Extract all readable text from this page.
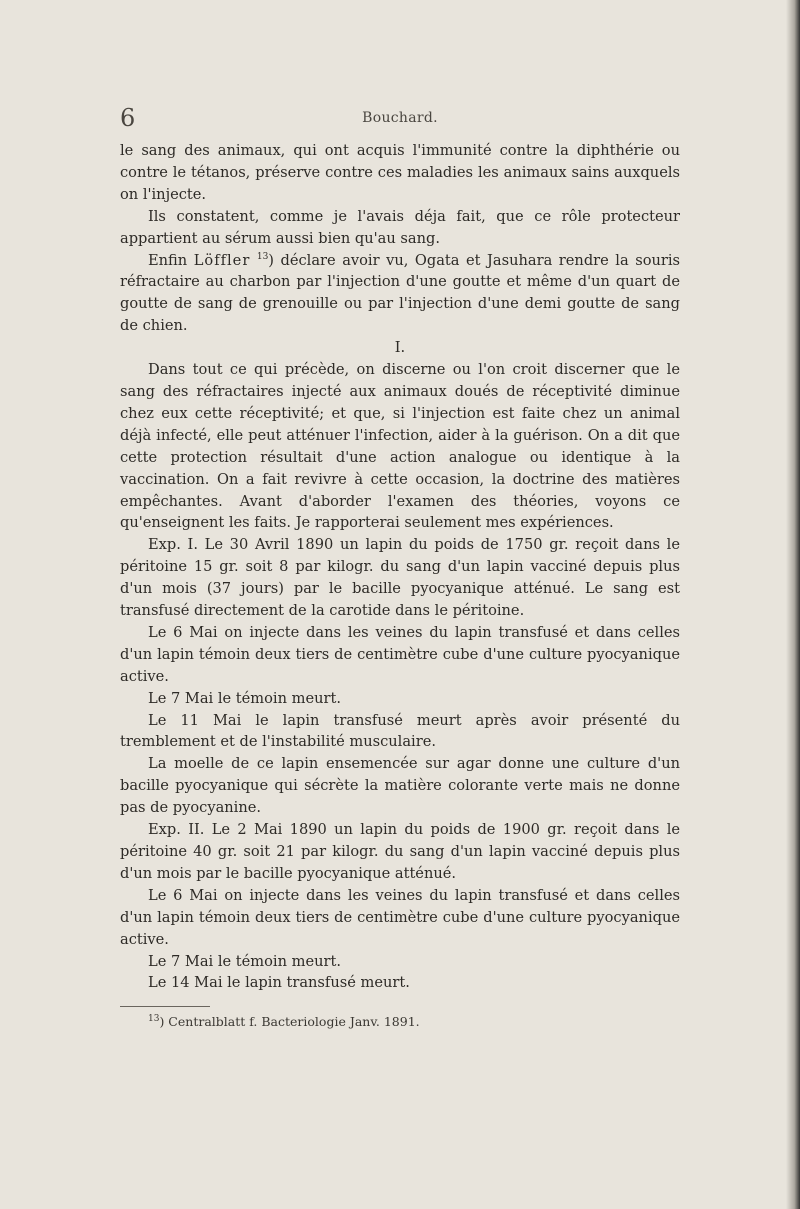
6	Bouchard.

le sang des animaux, qui ont acquis l'immunité contre la diphthérie ou contre le tétanos, préserve contre ces maladies les animaux sains auxquels on l'injecte.

Ils constatent, comme je l'avais déja fait, que ce rôle protecteur appartient au sérum aussi bien qu'au sang.

Enfin Löffler $^{13}$) déclare avoir vu, Ogata et Jasuhara rendre la souris réfractaire au charbon par l'injection d'une goutte et même d'un quart de goutte de sang de grenouille ou par l'injection d'une demi goutte de sang de chien.

I.

Dans tout ce qui précède, on discerne ou l'on croit discerner que le sang des réfractaires injecté aux animaux doués de réceptivité diminue chez eux cette réceptivité; et que, si l'injection est faite chez un animal déjà infecté, elle peut atténuer l'infection, aider à la guérison. On a dit que cette protection résultait d'une action analogue ou identique à la vaccination. On a fait revivre à cette occasion, la doctrine des matières empêchantes. Avant d'aborder l'examen des théories, voyons ce qu'enseignent les faits. Je rapporterai seulement mes expériences.

Exp. I. Le 30 Avril 1890 un lapin du poids de 1750 gr. reçoit dans le péritoine 15 gr. soit 8 par kilogr. du sang d'un lapin vacciné depuis plus d'un mois (37 jours) par le bacille pyocyanique atténué. Le sang est transfusé directement de la carotide dans le péritoine.

Le 6 Mai on injecte dans les veines du lapin transfusé et dans celles d'un lapin témoin deux tiers de centimètre cube d'une culture pyocyanique active.

Le 7 Mai le témoin meurt.

Le 11 Mai le lapin transfusé meurt après avoir présenté du tremblement et de l'instabilité musculaire.

La moelle de ce lapin ensemencée sur agar donne une culture d'un bacille pyocyanique qui sécrète la matière colorante verte mais ne donne pas de pyocyanine.

Exp. II. Le 2 Mai 1890 un lapin du poids de 1900 gr. reçoit dans le péritoine 40 gr. soit 21 par kilogr. du sang d'un lapin vacciné depuis plus d'un mois par le bacille pyocyanique atténué.

Le 6 Mai on injecte dans les veines du lapin transfusé et dans celles d'un lapin témoin deux tiers de centimètre cube d'une culture pyocyanique active.

Le 7 Mai le témoin meurt.

Le 14 Mai le lapin transfusé meurt.

$^{13}$) Centralblatt f. Bacteriologie Janv. 1891.
